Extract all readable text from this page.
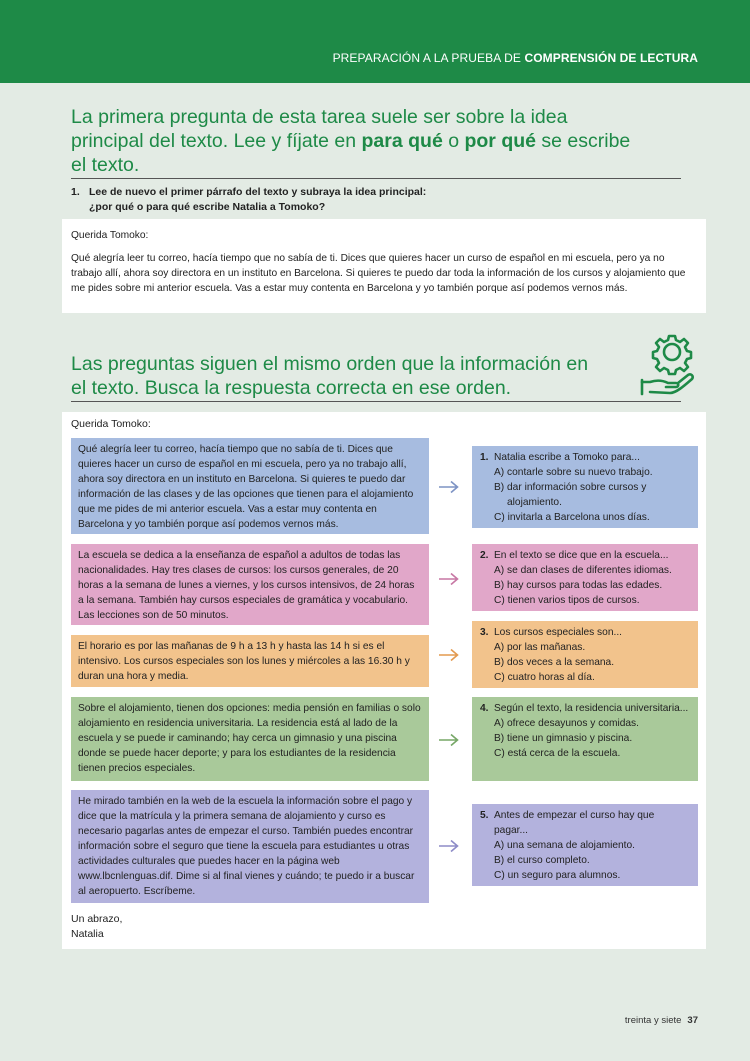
PREPARACIÓN A LA PRUEBA DE COMPRENSIÓN DE LECTURA
La primera pregunta de esta tarea suele ser sobre la idea principal del texto. Lee y fíjate en para qué o por qué se escribe el texto.
1. Lee de nuevo el primer párrafo del texto y subraya la idea principal:
¿por qué o para qué escribe Natalia a Tomoko?
Querida Tomoko:
Qué alegría leer tu correo, hacía tiempo que no sabía de ti. Dices que quieres hacer un curso de español en mi escuela, pero ya no trabajo allí, ahora soy directora en un instituto en Barcelona. Si quieres te puedo dar toda la información de los cursos y alojamiento que me pides sobre mi anterior escuela. Vas a estar muy contenta en Barcelona y yo también porque así podemos vernos más.
Las preguntas siguen el mismo orden que la información en el texto. Busca la respuesta correcta en ese orden.
Querida Tomoko:
Qué alegría leer tu correo, hacía tiempo que no sabía de ti. Dices que quieres hacer un curso de español en mi escuela, pero ya no trabajo allí, ahora soy directora en un instituto en Barcelona. Si quieres te puedo dar información de las clases y de las opciones que tienen para el alojamiento que me pides de mi anterior escuela. Vas a estar muy contenta en Barcelona y yo también porque así podemos vernos más.
La escuela se dedica a la enseñanza de español a adultos de todas las nacionalidades. Hay tres clases de cursos: los cursos generales, de 20 horas a la semana de lunes a viernes, y los cursos intensivos, de 24 horas a la semana. También hay cursos especiales de gramática y vocabulario. Las lecciones son de 50 minutos.
El horario es por las mañanas de 9 h a 13 h y hasta las 14 h si es el intensivo. Los cursos especiales son los lunes y miércoles a las 16.30 h y duran una hora y media.
Sobre el alojamiento, tienen dos opciones: media pensión en familias o solo alojamiento en residencia universitaria. La residencia está al lado de la escuela y se puede ir caminando; hay cerca un gimnasio y una piscina donde se puede hacer deporte; y para los estudiantes de la residencia tienen precios especiales.
He mirado también en la web de la escuela la información sobre el pago y dice que la matrícula y la primera semana de alojamiento y curso es necesario pagarlas antes de empezar el curso. También puedes encontrar información sobre el seguro que tiene la escuela para estudiantes u otras actividades culturales que puedes hacer en la página web www.lbcnlenguas.dif. Dime si al final vienes y cuándo; te puedo ir a buscar al aeropuerto. Escríbeme.
1. Natalia escribe a Tomoko para...
A) contarle sobre su nuevo trabajo.
B) dar información sobre cursos y
alojamiento.
C) invitarla a Barcelona unos días.
2. En el texto se dice que en la escuela...
A) se dan clases de diferentes idiomas.
B) hay cursos para todas las edades.
C) tienen varios tipos de cursos.
3. Los cursos especiales son...
A) por las mañanas.
B) dos veces a la semana.
C) cuatro horas al día.
4. Según el texto, la residencia universitaria...
A) ofrece desayunos y comidas.
B) tiene un gimnasio y piscina.
C) está cerca de la escuela.
5. Antes de empezar el curso hay que pagar...
A) una semana de alojamiento.
B) el curso completo.
C) un seguro para alumnos.
Un abrazo,
Natalia
treinta y siete 37
